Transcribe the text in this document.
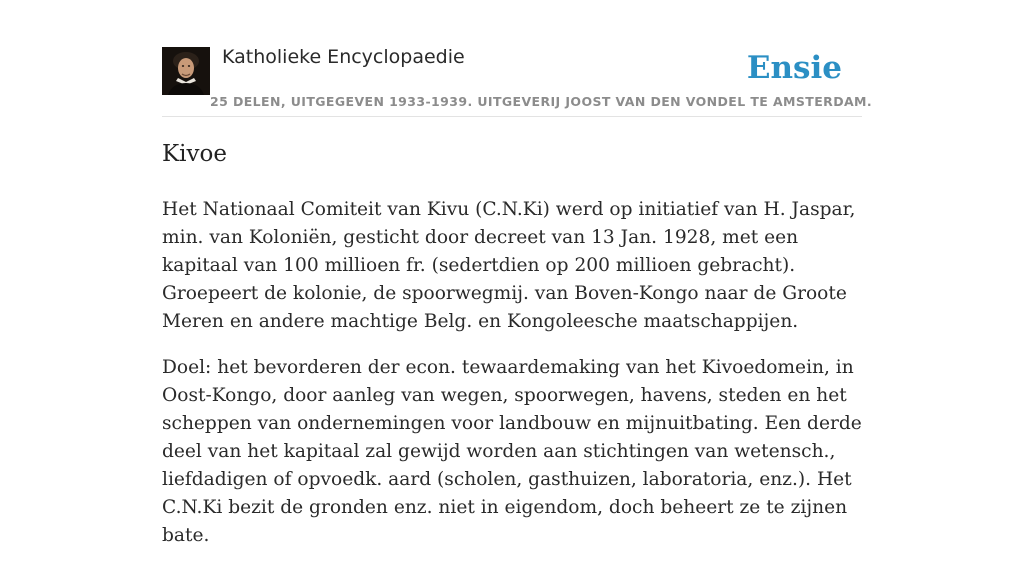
Katholieke Encyclopaedie
25 DELEN, UITGEGEVEN 1933-1939. UITGEVERIJ JOOST VAN DEN VONDEL TE AMSTERDAM.
Ensie
Kivoe

Het Nationaal Comiteit van Kivu (C.N.Ki) werd op initiatief van H. Jaspar, min. van Koloniën, gesticht door decreet van 13 Jan. 1928, met een kapitaal van 100 millioen fr. (sedertdien op 200 millioen gebracht). Groepeert de kolonie, de spoorwegmij. van Boven-Kongo naar de Groote Meren en andere machtige Belg. en Kongoleesche maatschappijen.

Doel: het bevorderen der econ. tewaardemaking van het Kivoedomein, in Oost-Kongo, door aanleg van wegen, spoorwegen, havens, steden en het scheppen van ondernemingen voor landbouw en mijnuitbating. Een derde deel van het kapitaal zal gewijd worden aan stichtingen van wetensch., liefdadigen of opvoedk. aard (scholen, gasthuizen, laboratoria, enz.). Het C.N.Ki bezit de gronden enz. niet in eigendom, doch beheert ze te zijnen bate.
